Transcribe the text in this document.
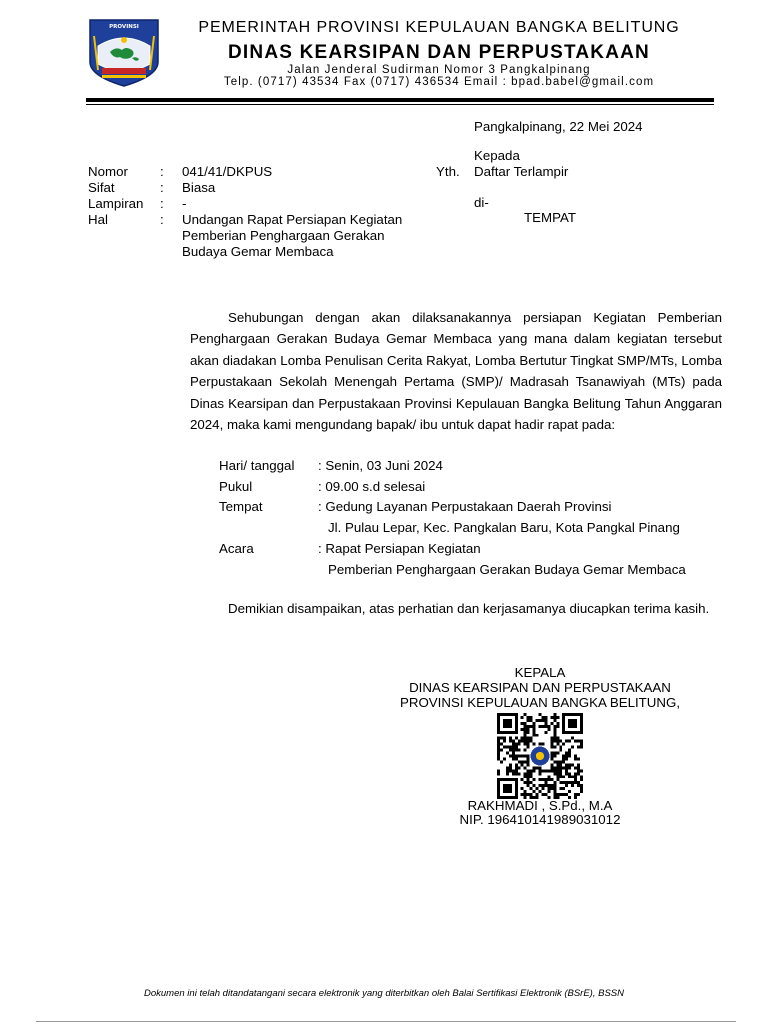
PROVINSI	PEMERINTAH PROVINSI KEPULAUAN BANGKA BELITUNG
DINAS KEARSIPAN DAN PERPUSTAKAAN
Jalan Jenderal Sudirman Nomor 3 Pangkalpinang
Telp. (0717) 43534 Fax (0717) 436534 Email : bpad.babel@gmail.com
Pangkalpinang, 22 Mei 2024
Kepada
Yth. Daftar Terlampir
di-
TEMPAT
Nomor : 041/41/DKPUS
Sifat	: Biasa
Lampiran : -
Hal	: Undangan Rapat Persiapan Kegiatan
Pemberian Penghargaan Gerakan
Budaya Gemar Membaca
Sehubungan dengan akan dilaksanakannya persiapan Kegiatan Pemberian Penghargaan Gerakan Budaya Gemar Membaca yang mana dalam kegiatan tersebut akan diadakan Lomba Penulisan Cerita Rakyat, Lomba Bertutur Tingkat SMP/MTs, Lomba Perpustakaan Sekolah Menengah Pertama (SMP)/ Madrasah Tsanawiyah (MTs) pada Dinas Kearsipan dan Perpustakaan Provinsi Kepulauan Bangka Belitung Tahun Anggaran 2024, maka kami mengundang bapak/ ibu untuk dapat hadir rapat pada:
Hari/ tanggal : Senin, 03 Juni 2024
Pukul	: 09.00 s.d selesai
Tempat	: Gedung Layanan Perpustakaan Daerah Provinsi
Jl. Pulau Lepar, Kec. Pangkalan Baru, Kota Pangkal Pinang
Acara	: Rapat Persiapan Kegiatan
Pemberian Penghargaan Gerakan Budaya Gemar Membaca
Demikian disampaikan, atas perhatian dan kerjasamanya diucapkan terima kasih.
KEPALA
DINAS KEARSIPAN DAN PERPUSTAKAAN
PROVINSI KEPULAUAN BANGKA BELITUNG,
RAKHMADI , S.Pd., M.A
NIP. 196410141989031012
Dokumen ini telah ditandatangani secara elektronik yang diterbitkan oleh Balai Sertifikasi Elektronik (BSrE), BSSN
